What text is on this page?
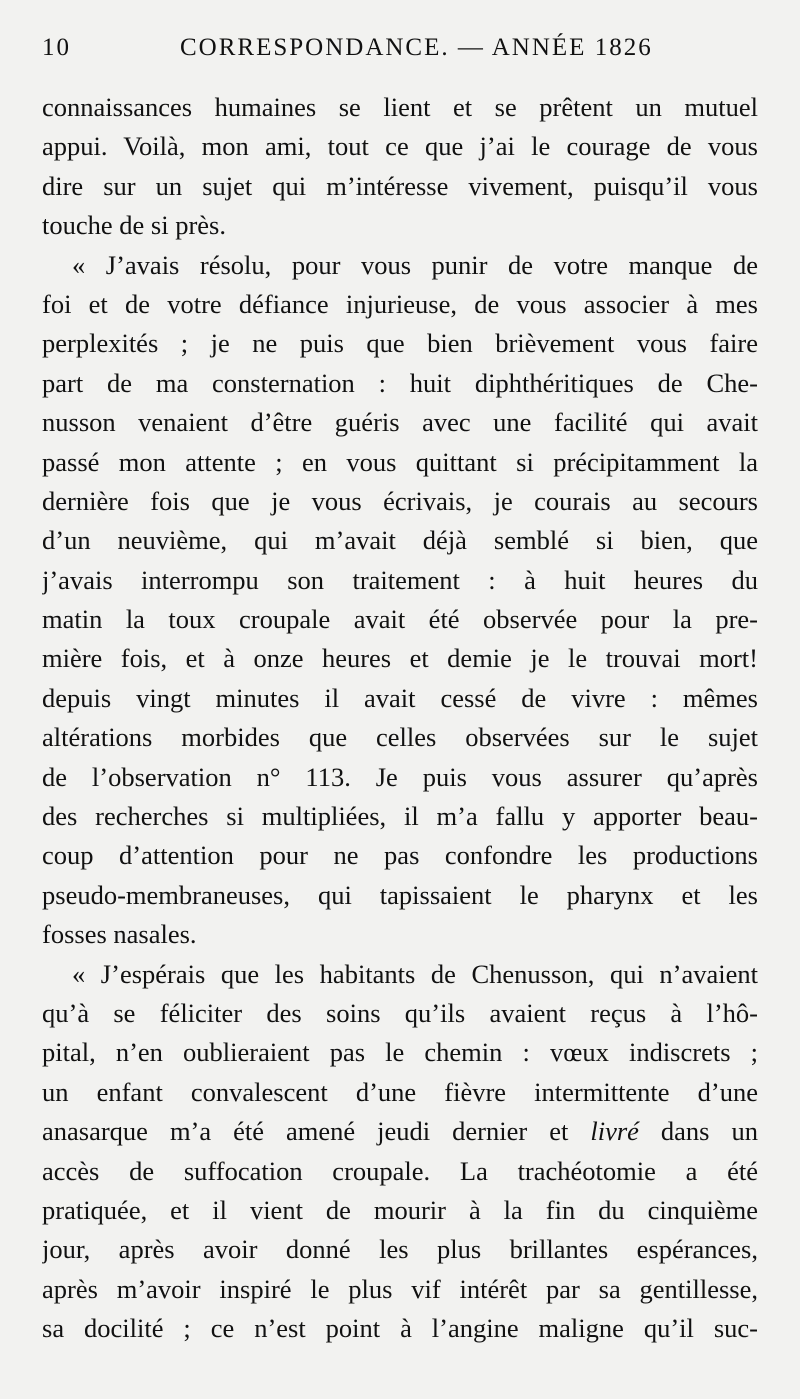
10	CORRESPONDANCE. — ANNÉE 1826
connaissances humaines se lient et se prêtent un mutuel
appui. Voilà, mon ami, tout ce que j’ai le courage de vous
dire sur un sujet qui m’intéresse vivement, puisqu’il vous
touche de si près.
« J’avais résolu, pour vous punir de votre manque de
foi et de votre défiance injurieuse, de vous associer à mes
perplexités ; je ne puis que bien brièvement vous faire
part de ma consternation : huit diphthéritiques de Che-
nusson venaient d’être guéris avec une facilité qui avait
passé mon attente ; en vous quittant si précipitamment la
dernière fois que je vous écrivais, je courais au secours
d’un neuvième, qui m’avait déjà semblé si bien, que
j’avais interrompu son traitement : à huit heures du
matin la toux croupale avait été observée pour la pre-
mière fois, et à onze heures et demie je le trouvai mort!
depuis vingt minutes il avait cessé de vivre : mêmes
altérations morbides que celles observées sur le sujet
de l’observation n° 113. Je puis vous assurer qu’après
des recherches si multipliées, il m’a fallu y apporter beau-
coup d’attention pour ne pas confondre les productions
pseudo-membraneuses, qui tapissaient le pharynx et les
fosses nasales.
« J’espérais que les habitants de Chenusson, qui n’avaient
qu’à se féliciter des soins qu’ils avaient reçus à l’hô-
pital, n’en oublieraient pas le chemin : vœux indiscrets ;
un enfant convalescent d’une fièvre intermittente d’une
anasarque m’a été amené jeudi dernier et livré dans un
accès de suffocation croupale. La trachéotomie a été
pratiquée, et il vient de mourir à la fin du cinquième
jour, après avoir donné les plus brillantes espérances,
après m’avoir inspiré le plus vif intérêt par sa gentillesse,
sa docilité ; ce n’est point à l’angine maligne qu’il suc-
